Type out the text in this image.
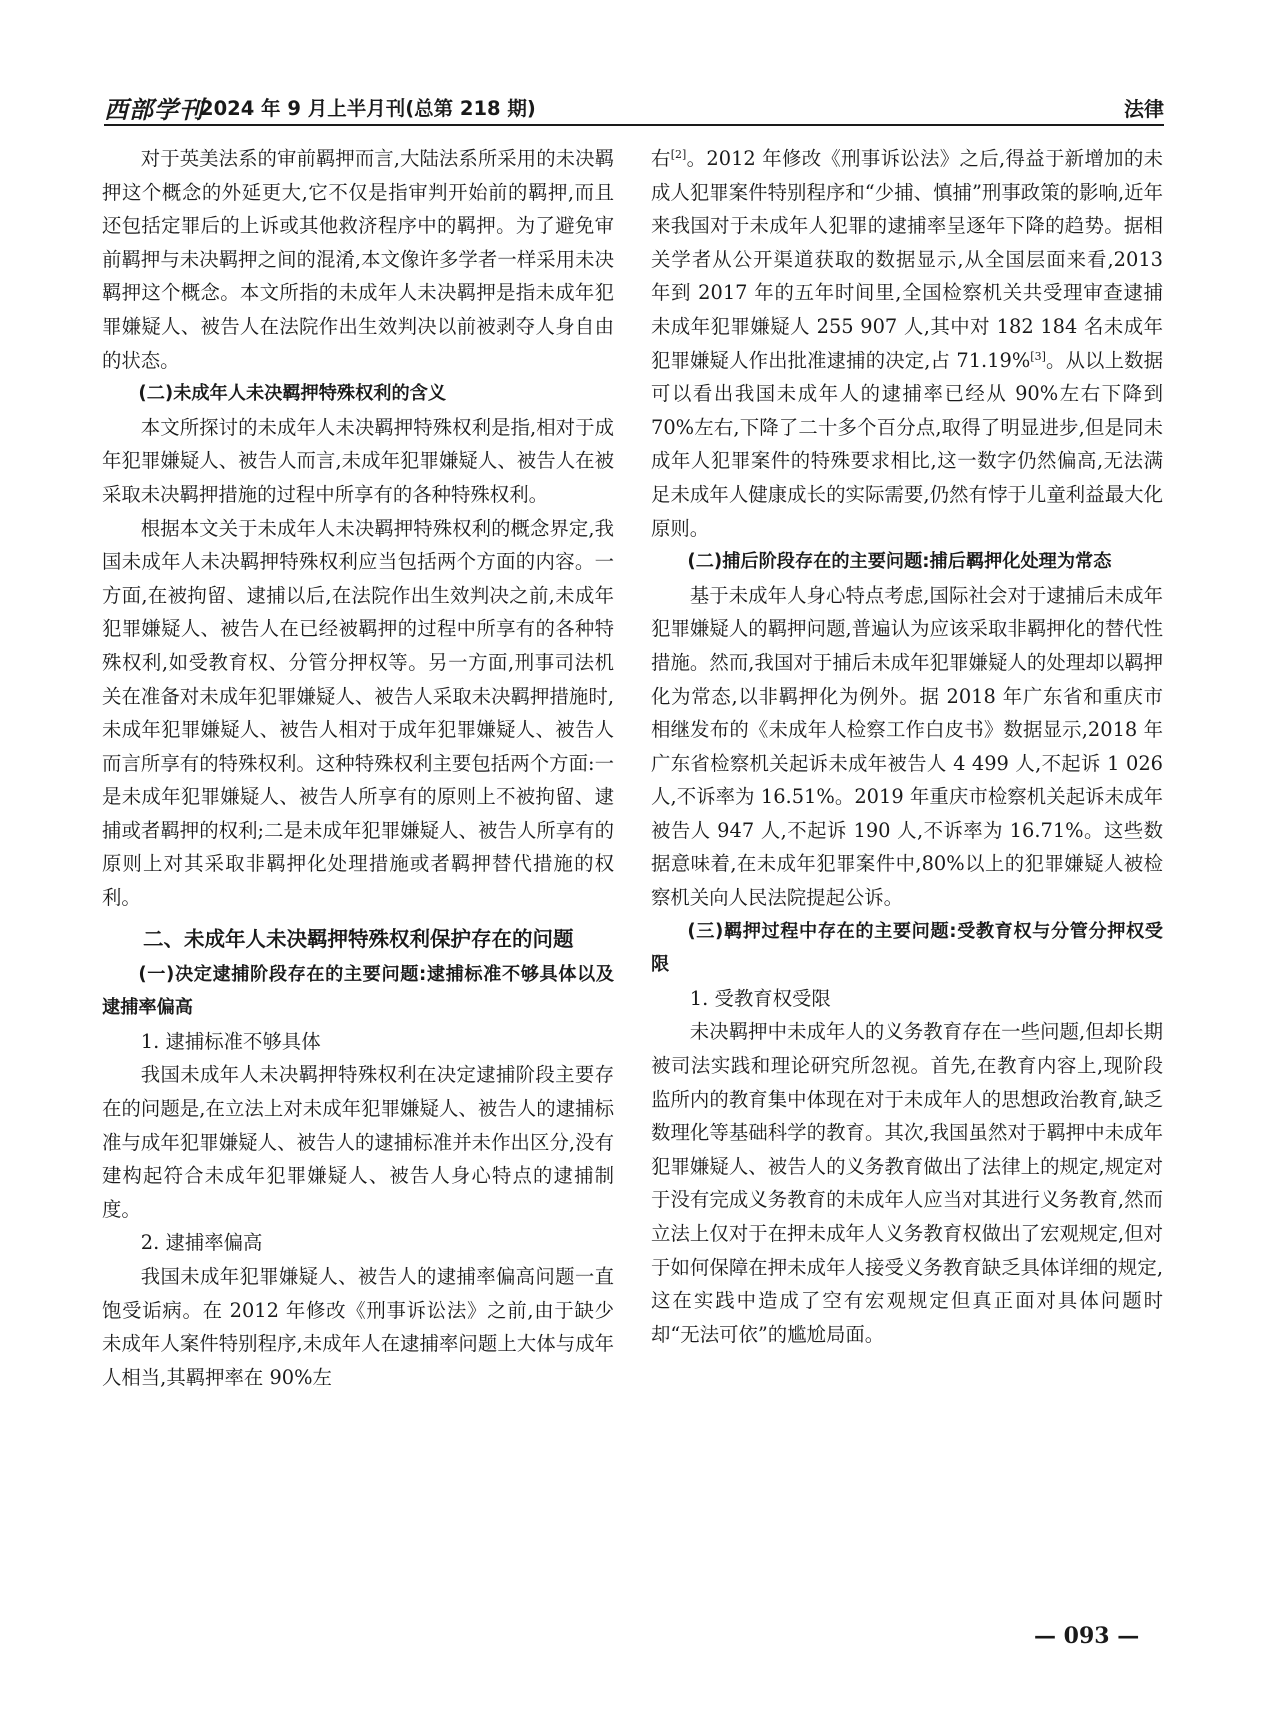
西部学刊
2024 年 9 月上半月刊(总第 218 期)	法律

对于英美法系的审前羁押而言,大陆法系所采用的未决羁押这个概念的外延更大,它不仅是指审判开始前的羁押,而且还包括定罪后的上诉或其他救济程序中的羁押。为了避免审前羁押与未决羁押之间的混淆,本文像许多学者一样采用未决羁押这个概念。本文所指的未成年人未决羁押是指未成年犯罪嫌疑人、被告人在法院作出生效判决以前被剥夺人身自由的状态。

(二)未成年人未决羁押特殊权利的含义

本文所探讨的未成年人未决羁押特殊权利是指,相对于成年犯罪嫌疑人、被告人而言,未成年犯罪嫌疑人、被告人在被采取未决羁押措施的过程中所享有的各种特殊权利。

根据本文关于未成年人未决羁押特殊权利的概念界定,我国未成年人未决羁押特殊权利应当包括两个方面的内容。一方面,在被拘留、逮捕以后,在法院作出生效判决之前,未成年犯罪嫌疑人、被告人在已经被羁押的过程中所享有的各种特殊权利,如受教育权、分管分押权等。另一方面,刑事司法机关在准备对未成年犯罪嫌疑人、被告人采取未决羁押措施时,未成年犯罪嫌疑人、被告人相对于成年犯罪嫌疑人、被告人而言所享有的特殊权利。这种特殊权利主要包括两个方面:一是未成年犯罪嫌疑人、被告人所享有的原则上不被拘留、逮捕或者羁押的权利;二是未成年犯罪嫌疑人、被告人所享有的原则上对其采取非羁押化处理措施或者羁押替代措施的权利。

二、未成年人未决羁押特殊权利保护存在的问题

(一)决定逮捕阶段存在的主要问题:逮捕标准不够具体以及逮捕率偏高

1. 逮捕标准不够具体

我国未成年人未决羁押特殊权利在决定逮捕阶段主要存在的问题是,在立法上对未成年犯罪嫌疑人、被告人的逮捕标准与成年犯罪嫌疑人、被告人的逮捕标准并未作出区分,没有建构起符合未成年犯罪嫌疑人、被告人身心特点的逮捕制度。

2. 逮捕率偏高

我国未成年犯罪嫌疑人、被告人的逮捕率偏高问题一直饱受诟病。在 2012 年修改《刑事诉讼法》之前,由于缺少未成年人案件特别程序,未成年人在逮捕率问题上大体与成年人相当,其羁押率在 90%左

右[2]。2012 年修改《刑事诉讼法》之后,得益于新增加的未成人犯罪案件特别程序和“少捕、慎捕”刑事政策的影响,近年来我国对于未成年人犯罪的逮捕率呈逐年下降的趋势。据相关学者从公开渠道获取的数据显示,从全国层面来看,2013 年到 2017 年的五年时间里,全国检察机关共受理审查逮捕未成年犯罪嫌疑人 255 907 人,其中对 182 184 名未成年犯罪嫌疑人作出批准逮捕的决定,占 71.19%[3]。从以上数据可以看出我国未成年人的逮捕率已经从 90%左右下降到 70%左右,下降了二十多个百分点,取得了明显进步,但是同未成年人犯罪案件的特殊要求相比,这一数字仍然偏高,无法满足未成年人健康成长的实际需要,仍然有悖于儿童利益最大化原则。

(二)捕后阶段存在的主要问题:捕后羁押化处理为常态

基于未成年人身心特点考虑,国际社会对于逮捕后未成年犯罪嫌疑人的羁押问题,普遍认为应该采取非羁押化的替代性措施。然而,我国对于捕后未成年犯罪嫌疑人的处理却以羁押化为常态,以非羁押化为例外。据 2018 年广东省和重庆市相继发布的《未成年人检察工作白皮书》数据显示,2018 年广东省检察机关起诉未成年被告人 4 499 人,不起诉 1 026 人,不诉率为 16.51%。2019 年重庆市检察机关起诉未成年被告人 947 人,不起诉 190 人,不诉率为 16.71%。这些数据意味着,在未成年犯罪案件中,80%以上的犯罪嫌疑人被检察机关向人民法院提起公诉。

(三)羁押过程中存在的主要问题:受教育权与分管分押权受限

1. 受教育权受限

未决羁押中未成年人的义务教育存在一些问题,但却长期被司法实践和理论研究所忽视。首先,在教育内容上,现阶段监所内的教育集中体现在对于未成年人的思想政治教育,缺乏数理化等基础科学的教育。其次,我国虽然对于羁押中未成年犯罪嫌疑人、被告人的义务教育做出了法律上的规定,规定对于没有完成义务教育的未成年人应当对其进行义务教育,然而立法上仅对于在押未成年人义务教育权做出了宏观规定,但对于如何保障在押未成年人接受义务教育缺乏具体详细的规定,这在实践中造成了空有宏观规定但真正面对具体问题时却“无法可依”的尴尬局面。

— 093 —
